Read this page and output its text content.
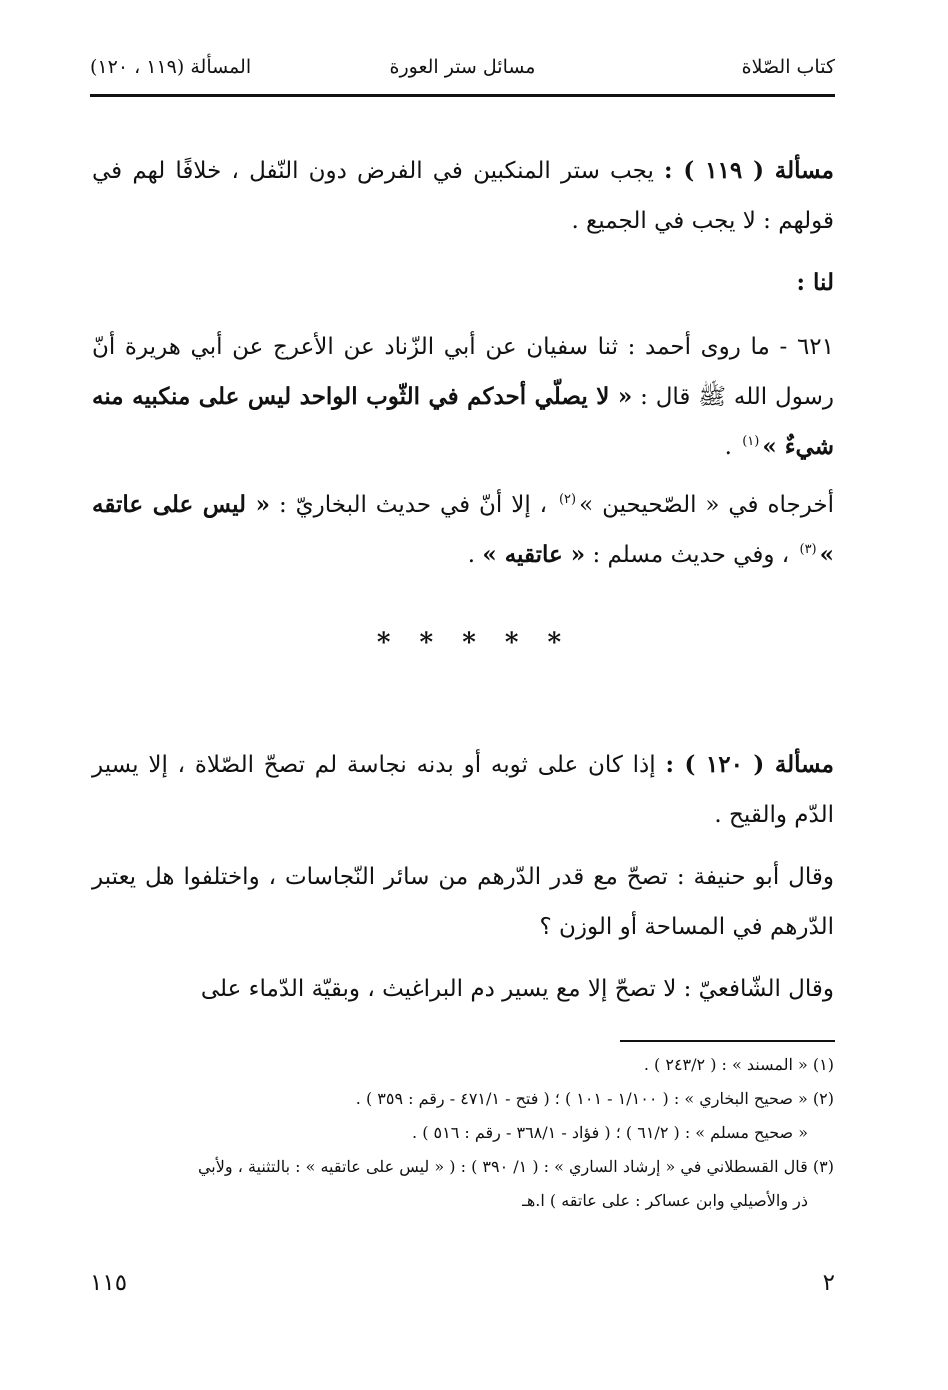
كتاب الصّلاة
مسائل ستر العورة
المسألة (١١٩ ، ١٢٠)

مسألة ( ١١٩ ) : يجب ستر المنكبين في الفرض دون النّفل ، خلافًا لهم في قولهم : لا يجب في الجميع .

لنا :

٦٢١ - ما روى أحمد : ثنا سفيان عن أبي الزّناد عن الأعرج عن أبي هريرة أنّ رسول الله ﷺ قال : « لا يصلّي أحدكم في الثّوب الواحد ليس على منكبيه منه شيءٌ »$^{(١)}$ .

أخرجاه في « الصّحيحين »$^{(٢)}$ ، إلا أنّ في حديث البخاريّ : « ليس على عاتقه »$^{(٣)}$ ، وفي حديث مسلم : « عاتقيه » .

* * * * *

مسألة ( ١٢٠ ) : إذا كان على ثوبه أو بدنه نجاسة لم تصحّ الصّلاة ، إلا يسير الدّم والقيح .

وقال أبو حنيفة : تصحّ مع قدر الدّرهم من سائر النّجاسات ، واختلفوا هل يعتبر الدّرهم في المساحة أو الوزن ؟
وقال الشّافعيّ : لا تصحّ إلا مع يسير دم البراغيث ، وبقيّة الدّماء على
(١) « المسند » : ( ٢٤٣/٢ ) .
(٢) « صحيح البخاري » : ( ١/١٠٠ - ١٠١ ) ؛ ( فتح - ٤٧١/١ - رقم : ٣٥٩ ) .
« صحيح مسلم » : ( ٦١/٢ ) ؛ ( فؤاد - ٣٦٨/١ - رقم : ٥١٦ ) .
(٣) قال القسطلاني في « إرشاد الساري » : ( ١/ ٣٩٠ ) : ( « ليس على عاتقيه » : بالتثنية ، ولأبي
ذر والأصيلي وابن عساكر : على عاتقه ) ا.هـ
٢
١١٥
